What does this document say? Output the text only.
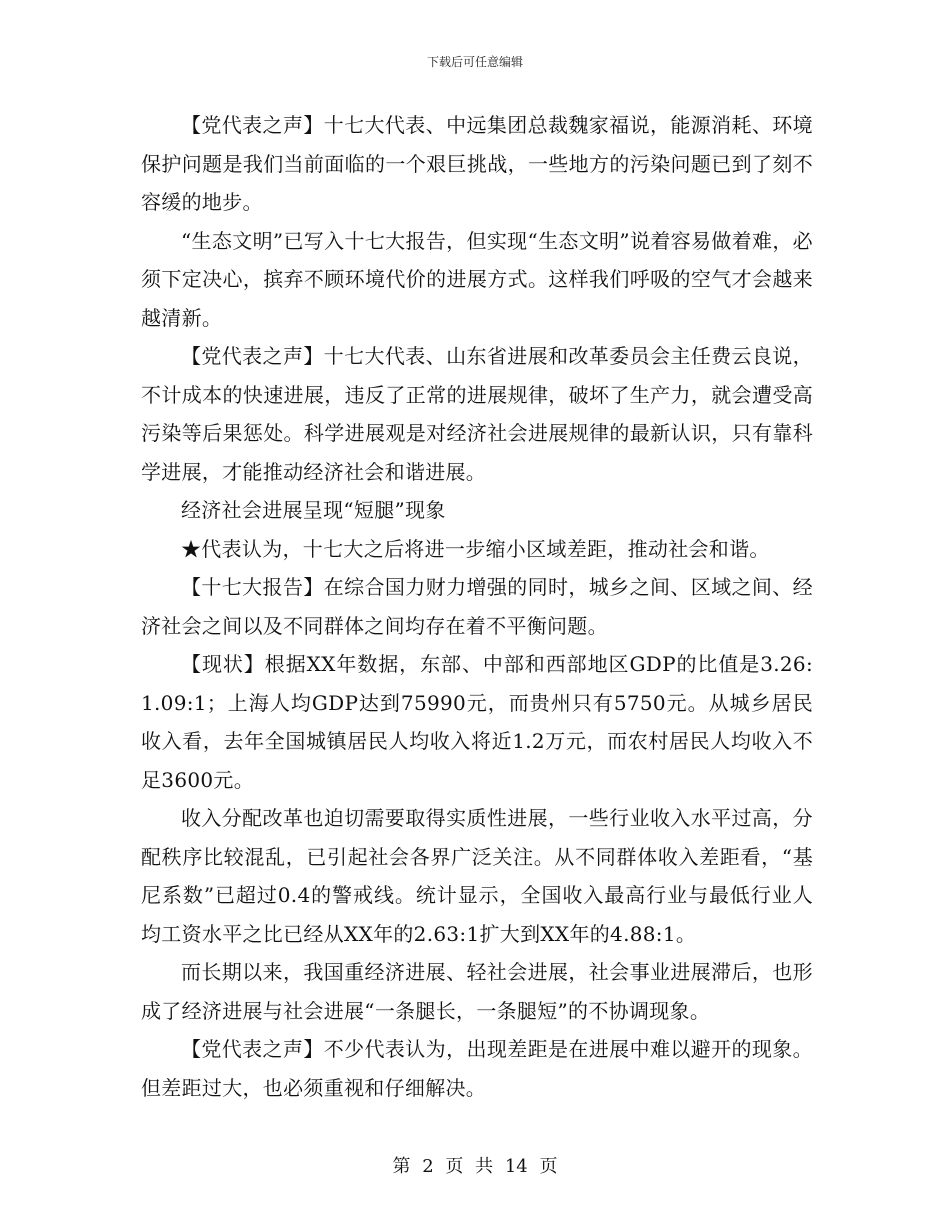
下载后可任意编辑

【党代表之声】十七大代表、中远集团总裁魏家福说，能源消耗、环境保护问题是我们当前面临的一个艰巨挑战，一些地方的污染问题已到了刻不容缓的地步。

“生态文明”已写入十七大报告，但实现“生态文明”说着容易做着难，必须下定决心，摈弃不顾环境代价的进展方式。这样我们呼吸的空气才会越来越清新。

【党代表之声】十七大代表、山东省进展和改革委员会主任费云良说，不计成本的快速进展，违反了正常的进展规律，破坏了生产力，就会遭受高污染等后果惩处。科学进展观是对经济社会进展规律的最新认识，只有靠科学进展，才能推动经济社会和谐进展。

经济社会进展呈现“短腿”现象

★代表认为，十七大之后将进一步缩小区域差距，推动社会和谐。

【十七大报告】在综合国力财力增强的同时，城乡之间、区域之间、经济社会之间以及不同群体之间均存在着不平衡问题。

【现状】根据XX年数据，东部、中部和西部地区GDP的比值是3.26:1.09:1；上海人均GDP达到75990元，而贵州只有5750元。从城乡居民收入看，去年全国城镇居民人均收入将近1.2万元，而农村居民人均收入不足3600元。

收入分配改革也迫切需要取得实质性进展，一些行业收入水平过高，分配秩序比较混乱，已引起社会各界广泛关注。从不同群体收入差距看，“基尼系数”已超过0.4的警戒线。统计显示，全国收入最高行业与最低行业人均工资水平之比已经从XX年的2.63:1扩大到XX年的4.88:1。

而长期以来，我国重经济进展、轻社会进展，社会事业进展滞后，也形成了经济进展与社会进展“一条腿长，一条腿短”的不协调现象。

【党代表之声】不少代表认为，出现差距是在进展中难以避开的现象。但差距过大，也必须重视和仔细解决。

第 2 页 共 14 页
